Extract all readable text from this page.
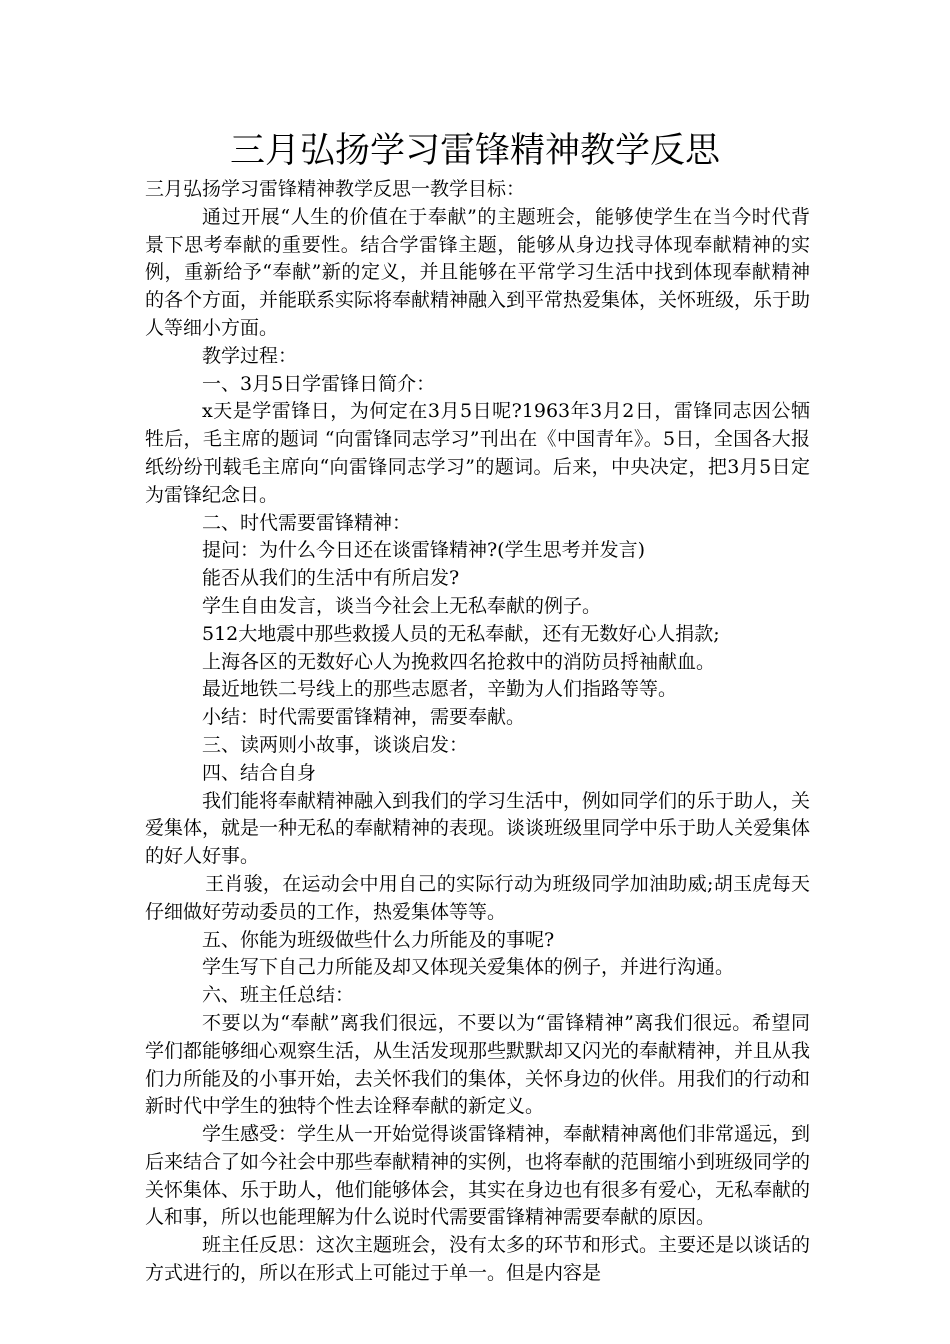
三月弘扬学习雷锋精神教学反思

三月弘扬学习雷锋精神教学反思一教学目标：

通过开展“人生的价值在于奉献”的主题班会，能够使学生在当今时代背景下思考奉献的重要性。结合学雷锋主题，能够从身边找寻体现奉献精神的实例，重新给予“奉献”新的定义，并且能够在平常学习生活中找到体现奉献精神的各个方面，并能联系实际将奉献精神融入到平常热爱集体，关怀班级，乐于助人等细小方面。

教学过程：

一、3月5日学雷锋日简介：

x天是学雷锋日，为何定在3月5日呢?1963年3月2日，雷锋同志因公牺牲后，毛主席的题词 “向雷锋同志学习”刊出在《中国青年》。5日，全国各大报纸纷纷刊载毛主席向“向雷锋同志学习”的题词。后来，中央决定，把3月5日定为雷锋纪念日。

二、时代需要雷锋精神：

提问：为什么今日还在谈雷锋精神?(学生思考并发言)

能否从我们的生活中有所启发?

学生自由发言，谈当今社会上无私奉献的例子。

512大地震中那些救援人员的无私奉献，还有无数好心人捐款;

上海各区的无数好心人为挽救四名抢救中的消防员捋袖献血。

最近地铁二号线上的那些志愿者，辛勤为人们指路等等。

小结：时代需要雷锋精神，需要奉献。

三、读两则小故事，谈谈启发：

四、结合自身

我们能将奉献精神融入到我们的学习生活中，例如同学们的乐于助人，关爱集体，就是一种无私的奉献精神的表现。谈谈班级里同学中乐于助人关爱集体的好人好事。

王肖骏，在运动会中用自己的实际行动为班级同学加油助威;胡玉虎每天仔细做好劳动委员的工作，热爱集体等等。

五、你能为班级做些什么力所能及的事呢?

学生写下自己力所能及却又体现关爱集体的例子，并进行沟通。

六、班主任总结：

不要以为“奉献”离我们很远，不要以为“雷锋精神”离我们很远。希望同学们都能够细心观察生活，从生活发现那些默默却又闪光的奉献精神，并且从我们力所能及的小事开始，去关怀我们的集体，关怀身边的伙伴。用我们的行动和新时代中学生的独特个性去诠释奉献的新定义。

学生感受：学生从一开始觉得谈雷锋精神，奉献精神离他们非常遥远，到后来结合了如今社会中那些奉献精神的实例，也将奉献的范围缩小到班级同学的关怀集体、乐于助人，他们能够体会，其实在身边也有很多有爱心，无私奉献的人和事，所以也能理解为什么说时代需要雷锋精神需要奉献的原因。

班主任反思：这次主题班会，没有太多的环节和形式。主要还是以谈话的方式进行的，所以在形式上可能过于单一。但是内容是
